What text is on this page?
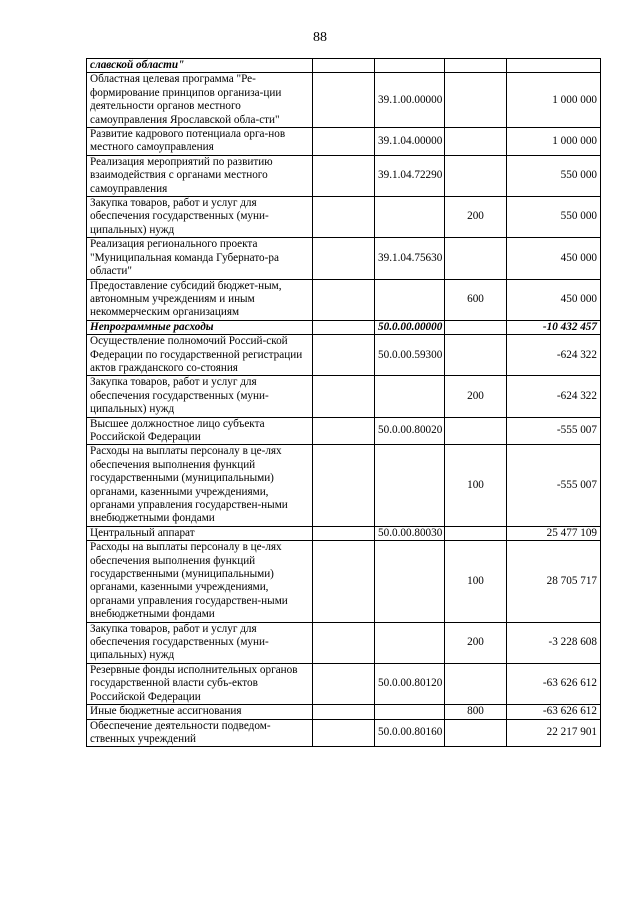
88
славской области"				
Областная целевая программа "Ре-формирование принципов организа-ции деятельности органов местного самоуправления Ярославской обла-сти"		39.1.00.00000		1 000 000
Развитие кадрового потенциала орга-нов местного самоуправления		39.1.04.00000		1 000 000
Реализация мероприятий по развитию взаимодействия с органами местного самоуправления		39.1.04.72290		550 000
Закупка товаров, работ и услуг для обеспечения государственных (муни-ципальных) нужд			200	550 000
Реализация регионального проекта "Муниципальная команда Губернато-ра области"		39.1.04.75630		450 000
Предоставление субсидий бюджет-ным, автономным учреждениям и иным некоммерческим организациям			600	450 000
Непрограммные расходы		50.0.00.00000		-10 432 457
Осуществление полномочий Россий-ской Федерации по государственной регистрации актов гражданского со-стояния		50.0.00.59300		-624 322
Закупка товаров, работ и услуг для обеспечения государственных (муни-ципальных) нужд			200	-624 322
Высшее должностное лицо субъекта Российской Федерации		50.0.00.80020		-555 007
Расходы на выплаты персоналу в це-лях обеспечения выполнения функций государственными (муниципальными) органами, казенными учреждениями, органами управления государствен-ными внебюджетными фондами			100	-555 007
Центральный аппарат		50.0.00.80030		25 477 109
Расходы на выплаты персоналу в це-лях обеспечения выполнения функций государственными (муниципальными) органами, казенными учреждениями, органами управления государствен-ными внебюджетными фондами			100	28 705 717
Закупка товаров, работ и услуг для обеспечения государственных (муни-ципальных) нужд			200	-3 228 608
Резервные фонды исполнительных органов государственной власти субъ-ектов Российской Федерации		50.0.00.80120		-63 626 612
Иные бюджетные ассигнования			800	-63 626 612
Обеспечение деятельности подведом-ственных учреждений		50.0.00.80160		22 217 901
